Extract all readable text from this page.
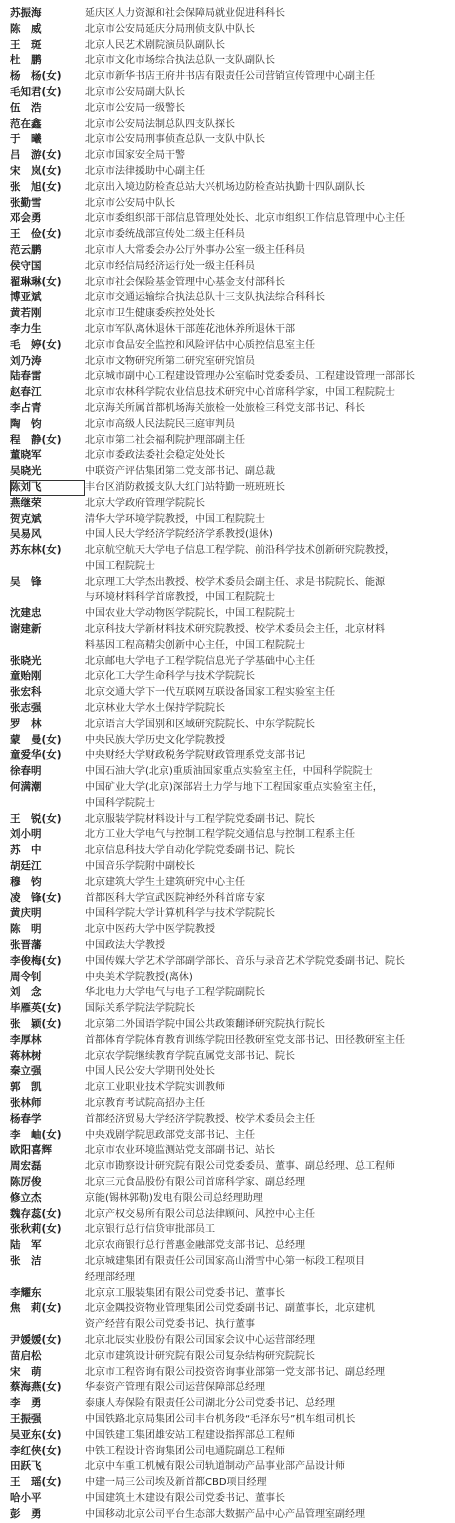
苏振海	延庆区人力资源和社会保障局就业促进科科长
陈　威	北京市公安局延庆分局刑侦支队中队长
王　斑	北京人民艺术剧院演员队副队长
杜　鹏	北京市文化市场综合执法总队一支队副队长
杨　杨(女)	北京市新华书店王府井书店有限责任公司营销宣传管理中心副主任
毛知君(女)	北京市公安局副大队长
伍　浩	北京市公安局一级警长
范在鑫	北京市公安局法制总队四支队探长
于　曦	北京市公安局刑事侦查总队一支队中队长
吕　游(女)	北京市国家安全局干警
宋　岚(女)	北京市法律援助中心副主任
张　旭(女)	北京出入境边防检查总站大兴机场边防检查站执勤十四队副队长
张勤雪	北京市公安局中队长
邓会勇	北京市委组织部干部信息管理处处长、北京市组织工作信息管理中心主任
王　俭(女)	北京市委统战部宣传处二级主任科员
范云鹏	北京市人大常委会办公厅外事办公室一级主任科员
侯守国	北京市经信局经济运行处一级主任科员
翟琳琳(女)	北京市社会保险基金管理中心基金支付部科长
博亚斌	北京市交通运输综合执法总队十三支队执法综合科科长
黄若刚	北京市卫生健康委疾控处处长
李力生	北京市军队离休退休干部莲花池休养所退休干部
毛　婷(女)	北京市食品安全监控和风险评估中心质控信息室主任
刘乃涛	北京市文物研究所第二研究室研究馆员
陆春雷	北京城市副中心工程建设管理办公室临时党委委员、工程建设管理一部部长
赵春江	北京市农林科学院农业信息技术研究中心首席科学家，中国工程院院士
李占青	北京海关所属首都机场海关旅检一处旅检三科党支部书记、科长
陶　钧	北京市高级人民法院民三庭审判员
程　静(女)	北京市第二社会福利院护理部副主任
董晓军	北京市委政法委社会稳定处处长
吴晓光	中联资产评估集团第二党支部书记、副总裁
陈刘飞	丰台区消防救援支队大红门站特勤一班班班长
燕继荣	北京大学政府管理学院院长
贺克斌	清华大学环境学院教授，中国工程院院士
吴易风	中国人民大学经济学院经济学系教授(退休)
苏东林(女)	北京航空航天大学电子信息工程学院、前沿科学技术创新研究院教授，
中国工程院院士
吴　锋	北京理工大学杰出教授、校学术委员会副主任、求是书院院长、能源
与环境材料科学首席教授，中国工程院院士
沈建忠	中国农业大学动物医学院院长，中国工程院院士
谢建新	北京科技大学新材料技术研究院教授、校学术委员会主任，北京材料
料基因工程高精尖创新中心主任，中国工程院院士
张晓光	北京邮电大学电子工程学院信息光子学基础中心主任
童贻刚	北京化工大学生命科学与技术学院院长
张宏科	北京交通大学下一代互联网互联设备国家工程实验室主任
张志强	北京林业大学水土保持学院院长
罗　林	北京语言大学国别和区域研究院院长、中东学院院长
蒙　曼(女)	中央民族大学历史文化学院教授
童爱华(女)	中央财经大学财政税务学院财政管理系党支部书记
徐春明	中国石油大学(北京)重质油国家重点实验室主任，中国科学院院士
何满潮	中国矿业大学(北京)深部岩土力学与地下工程国家重点实验室主任，
中国科学院院士
王　锐(女)	北京服装学院材料设计与工程学院党委副书记、院长
刘小明	北方工业大学电气与控制工程学院交通信息与控制工程系主任
苏　中	北京信息科技大学自动化学院党委副书记、院长
胡廷江	中国音乐学院附中副校长
穆　钧	北京建筑大学生土建筑研究中心主任
凌　锋(女)	首都医科大学宣武医院神经外科首席专家
黄庆明	中国科学院大学计算机科学与技术学院院长
陈　明	北京中医药大学中医学院教授
张晋藩	中国政法大学教授
李俊梅(女)	中国传媒大学艺术学部副学部长、音乐与录音艺术学院党委副书记、院长
周令钊	中央美术学院教授(离休)
刘　念	华北电力大学电气与电子工程学院副院长
毕雁英(女)	国际关系学院法学院院长
张　颖(女)	北京第二外国语学院中国公共政策翻译研究院执行院长
李厚林	首都体育学院体育教育训练学院田径教研室党支部书记、田径教研室主任
蒋林树	北京农学院继续教育学院直属党支部书记、院长
秦立强	中国人民公安大学期刊处处长
郭　凯	北京工业职业技术学院实训教师
张林师	北京教育考试院高招办主任
杨春学	首都经济贸易大学经济学院教授、校学术委员会主任
李　岫(女)	中央戏剧学院思政部党支部书记、主任
欧阳喜辉	北京市农业环境监测站党支部副书记、站长
周宏磊	北京市勘察设计研究院有限公司党委委员、董事、副总经理、总工程师
陈厉俊	北京三元食品股份有限公司首席科学家、副总经理
修立杰	京能(锡林郭勒)发电有限公司总经理助理
魏存蕊(女)	北京产权交易所有限公司总法律顾问、风控中心主任
张秋莉(女)	北京银行总行信贷审批部员工
陆　军	北京农商银行总行普惠金融部党支部书记、总经理
张　洁	北京城建集团有限责任公司国家高山滑雪中心第一标段工程项目
经理部经理
李耀东	北京京工服装集团有限公司党委书记、董事长
焦　莉(女)	北京金隅投资物业管理集团公司党委副书记、副董事长，北京建机
资产经营有限公司党委书记、执行董事
尹媛媛(女)	北京北辰实业股份有限公司国家会议中心运营部经理
苗启松	北京市建筑设计研究院有限公司复杂结构研究院院长
宋　萌	北京市工程咨询有限公司投资咨询事业部第一党支部书记、副总经理
蔡海燕(女)	华泰资产管理有限公司运营保障部总经理
李　勇	泰康人寿保险有限责任公司湖北分公司党委书记、总经理
王振强	中国铁路北京局集团公司丰台机务段“毛泽东号”机车组司机长
吴亚东(女)	中国铁建工集团雄安站工程建设指挥部总工程师
李红侠(女)	中铁工程设计咨询集团公司电通院副总工程师
田跃飞	北京中车重工机械有限公司轨道制动产品事业部产品设计师
王　瑶(女)	中建一局三公司埃及新首都CBD项目经理
哈小平	中国建筑土木建设有限公司党委书记、董事长
彭　勇	中国移动北京公司平台生态部大数据产品中心产品管理室副经理
